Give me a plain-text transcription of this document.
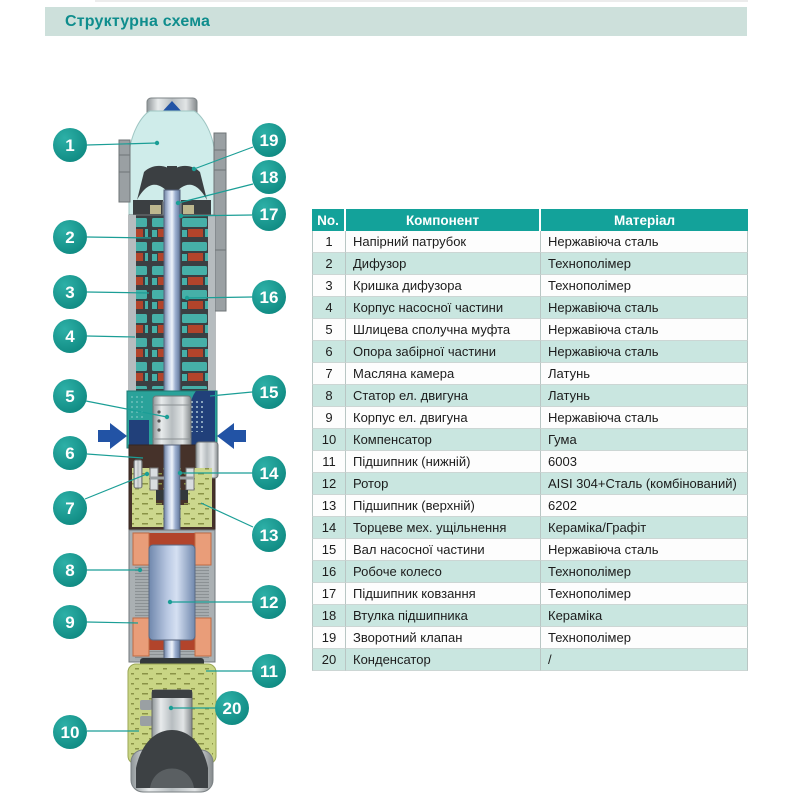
Структурна схема
1
2
3
4
5
6
7
8
9
10
11
12
13
14
15
16
17
18
19
20
No.	Компонент	Матеріал
1	Напірний патрубок	Нержавіюча сталь
2	Дифузор	Технополімер
3	Кришка дифузора	Технополімер
4	Корпус насосної частини	Нержавіюча сталь
5	Шлицева сполучна муфта	Нержавіюча сталь
6	Опора забірної частини	Нержавіюча сталь
7	Масляна камера	Латунь
8	Статор ел. двигуна	Латунь
9	Корпус ел. двигуна	Нержавіюча сталь
10	Компенсатор	Гума
11	Підшипник (нижній)	6003
12	Ротор	AISI 304+Сталь (комбінований)
13	Підшипник (верхній)	6202
14	Торцеве мех. ущільнення	Кераміка/Графіт
15	Вал насосної частини	Нержавіюча сталь
16	Робоче колесо	Технополімер
17	Підшипник ковзання	Технополімер
18	Втулка підшипника	Кераміка
19	Зворотний клапан	Технополімер
20	Конденсатор	/
